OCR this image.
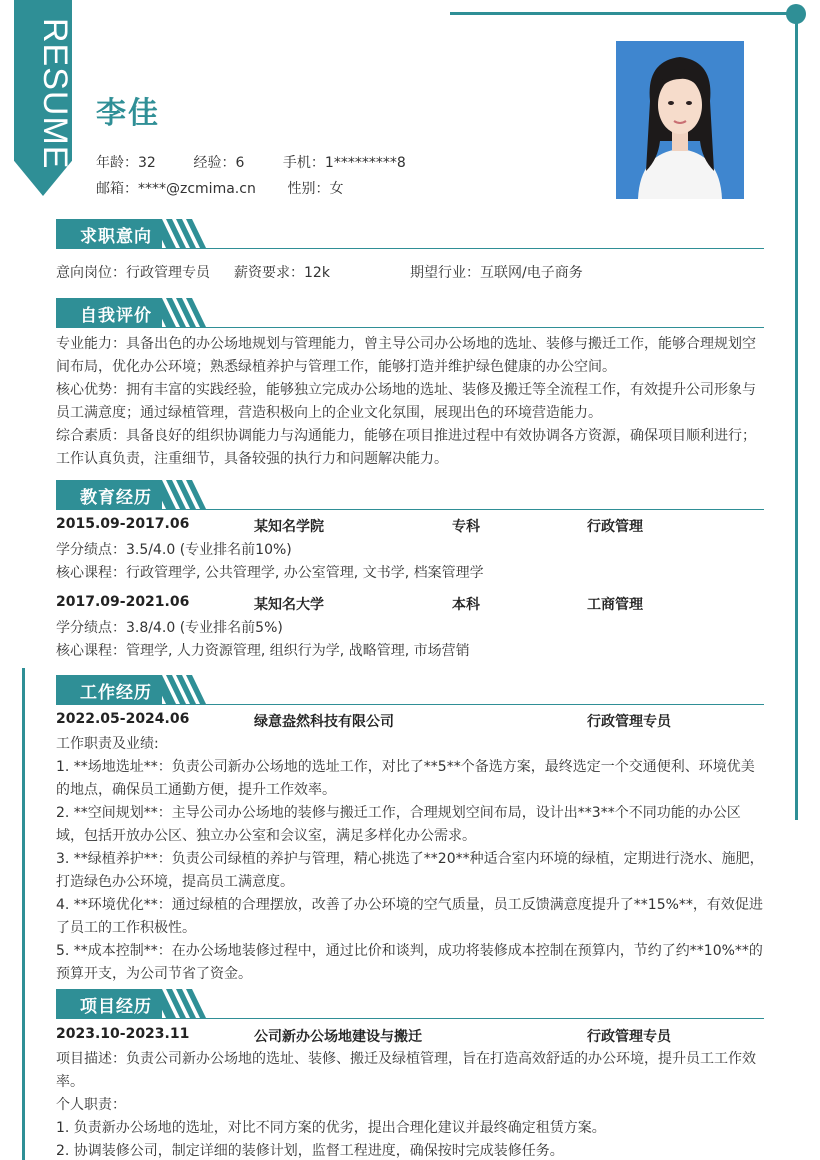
RESUME 李佳
年龄：32	经验：6	手机：1*********8
邮箱：****@zcmima.cn 性别：女
求职意向
意向岗位：行政管理专员 薪资要求：12k	期望行业：互联网/电子商务
自我评价

专业能力：具备出色的办公场地规划与管理能力，曾主导公司办公场地的选址、装修与搬迁工作，能够合理规划空间布局，优化办公环境；熟悉绿植养护与管理工作，能够打造并维护绿色健康的办公空间。

核心优势：拥有丰富的实践经验，能够独立完成办公场地的选址、装修及搬迁等全流程工作，有效提升公司形象与员工满意度；通过绿植管理，营造积极向上的企业文化氛围，展现出色的环境营造能力。

综合素质：具备良好的组织协调能力与沟通能力，能够在项目推进过程中有效协调各方资源，确保项目顺利进行；工作认真负责，注重细节，具备较强的执行力和问题解决能力。

教育经历
2015.09-2017.06	某知名学院	专科	行政管理

学分绩点：3.5/4.0 (专业排名前10%)

核心课程：行政管理学, 公共管理学, 办公室管理, 文书学, 档案管理学

2017.09-2021.06	某知名大学	本科	工商管理

学分绩点：3.8/4.0 (专业排名前5%)

核心课程：管理学, 人力资源管理, 组织行为学, 战略管理, 市场营销

工作经历
2022.05-2024.06	绿意盎然科技有限公司	行政管理专员

工作职责及业绩:

1. **场地选址**：负责公司新办公场地的选址工作，对比了**5**个备选方案，最终选定一个交通便利、环境优美的地点，确保员工通勤方便，提升工作效率。

2. **空间规划**：主导公司办公场地的装修与搬迁工作，合理规划空间布局，设计出**3**个不同功能的办公区域，包括开放办公区、独立办公室和会议室，满足多样化办公需求。

3. **绿植养护**：负责公司绿植的养护与管理，精心挑选了**20**种适合室内环境的绿植，定期进行浇水、施肥，打造绿色办公环境，提高员工满意度。

4. **环境优化**：通过绿植的合理摆放，改善了办公环境的空气质量，员工反馈满意度提升了**15%**，有效促进了员工的工作积极性。

5. **成本控制**：在办公场地装修过程中，通过比价和谈判，成功将装修成本控制在预算内，节约了约**10%**的预算开支，为公司节省了资金。

项目经历
2023.10-2023.11	公司新办公场地建设与搬迁	行政管理专员

项目描述：负责公司新办公场地的选址、装修、搬迁及绿植管理，旨在打造高效舒适的办公环境，提升员工工作效率。

个人职责：

1. 负责新办公场地的选址，对比不同方案的优劣，提出合理化建议并最终确定租赁方案。

2. 协调装修公司，制定详细的装修计划，监督工程进度，确保按时完成装修任务。
